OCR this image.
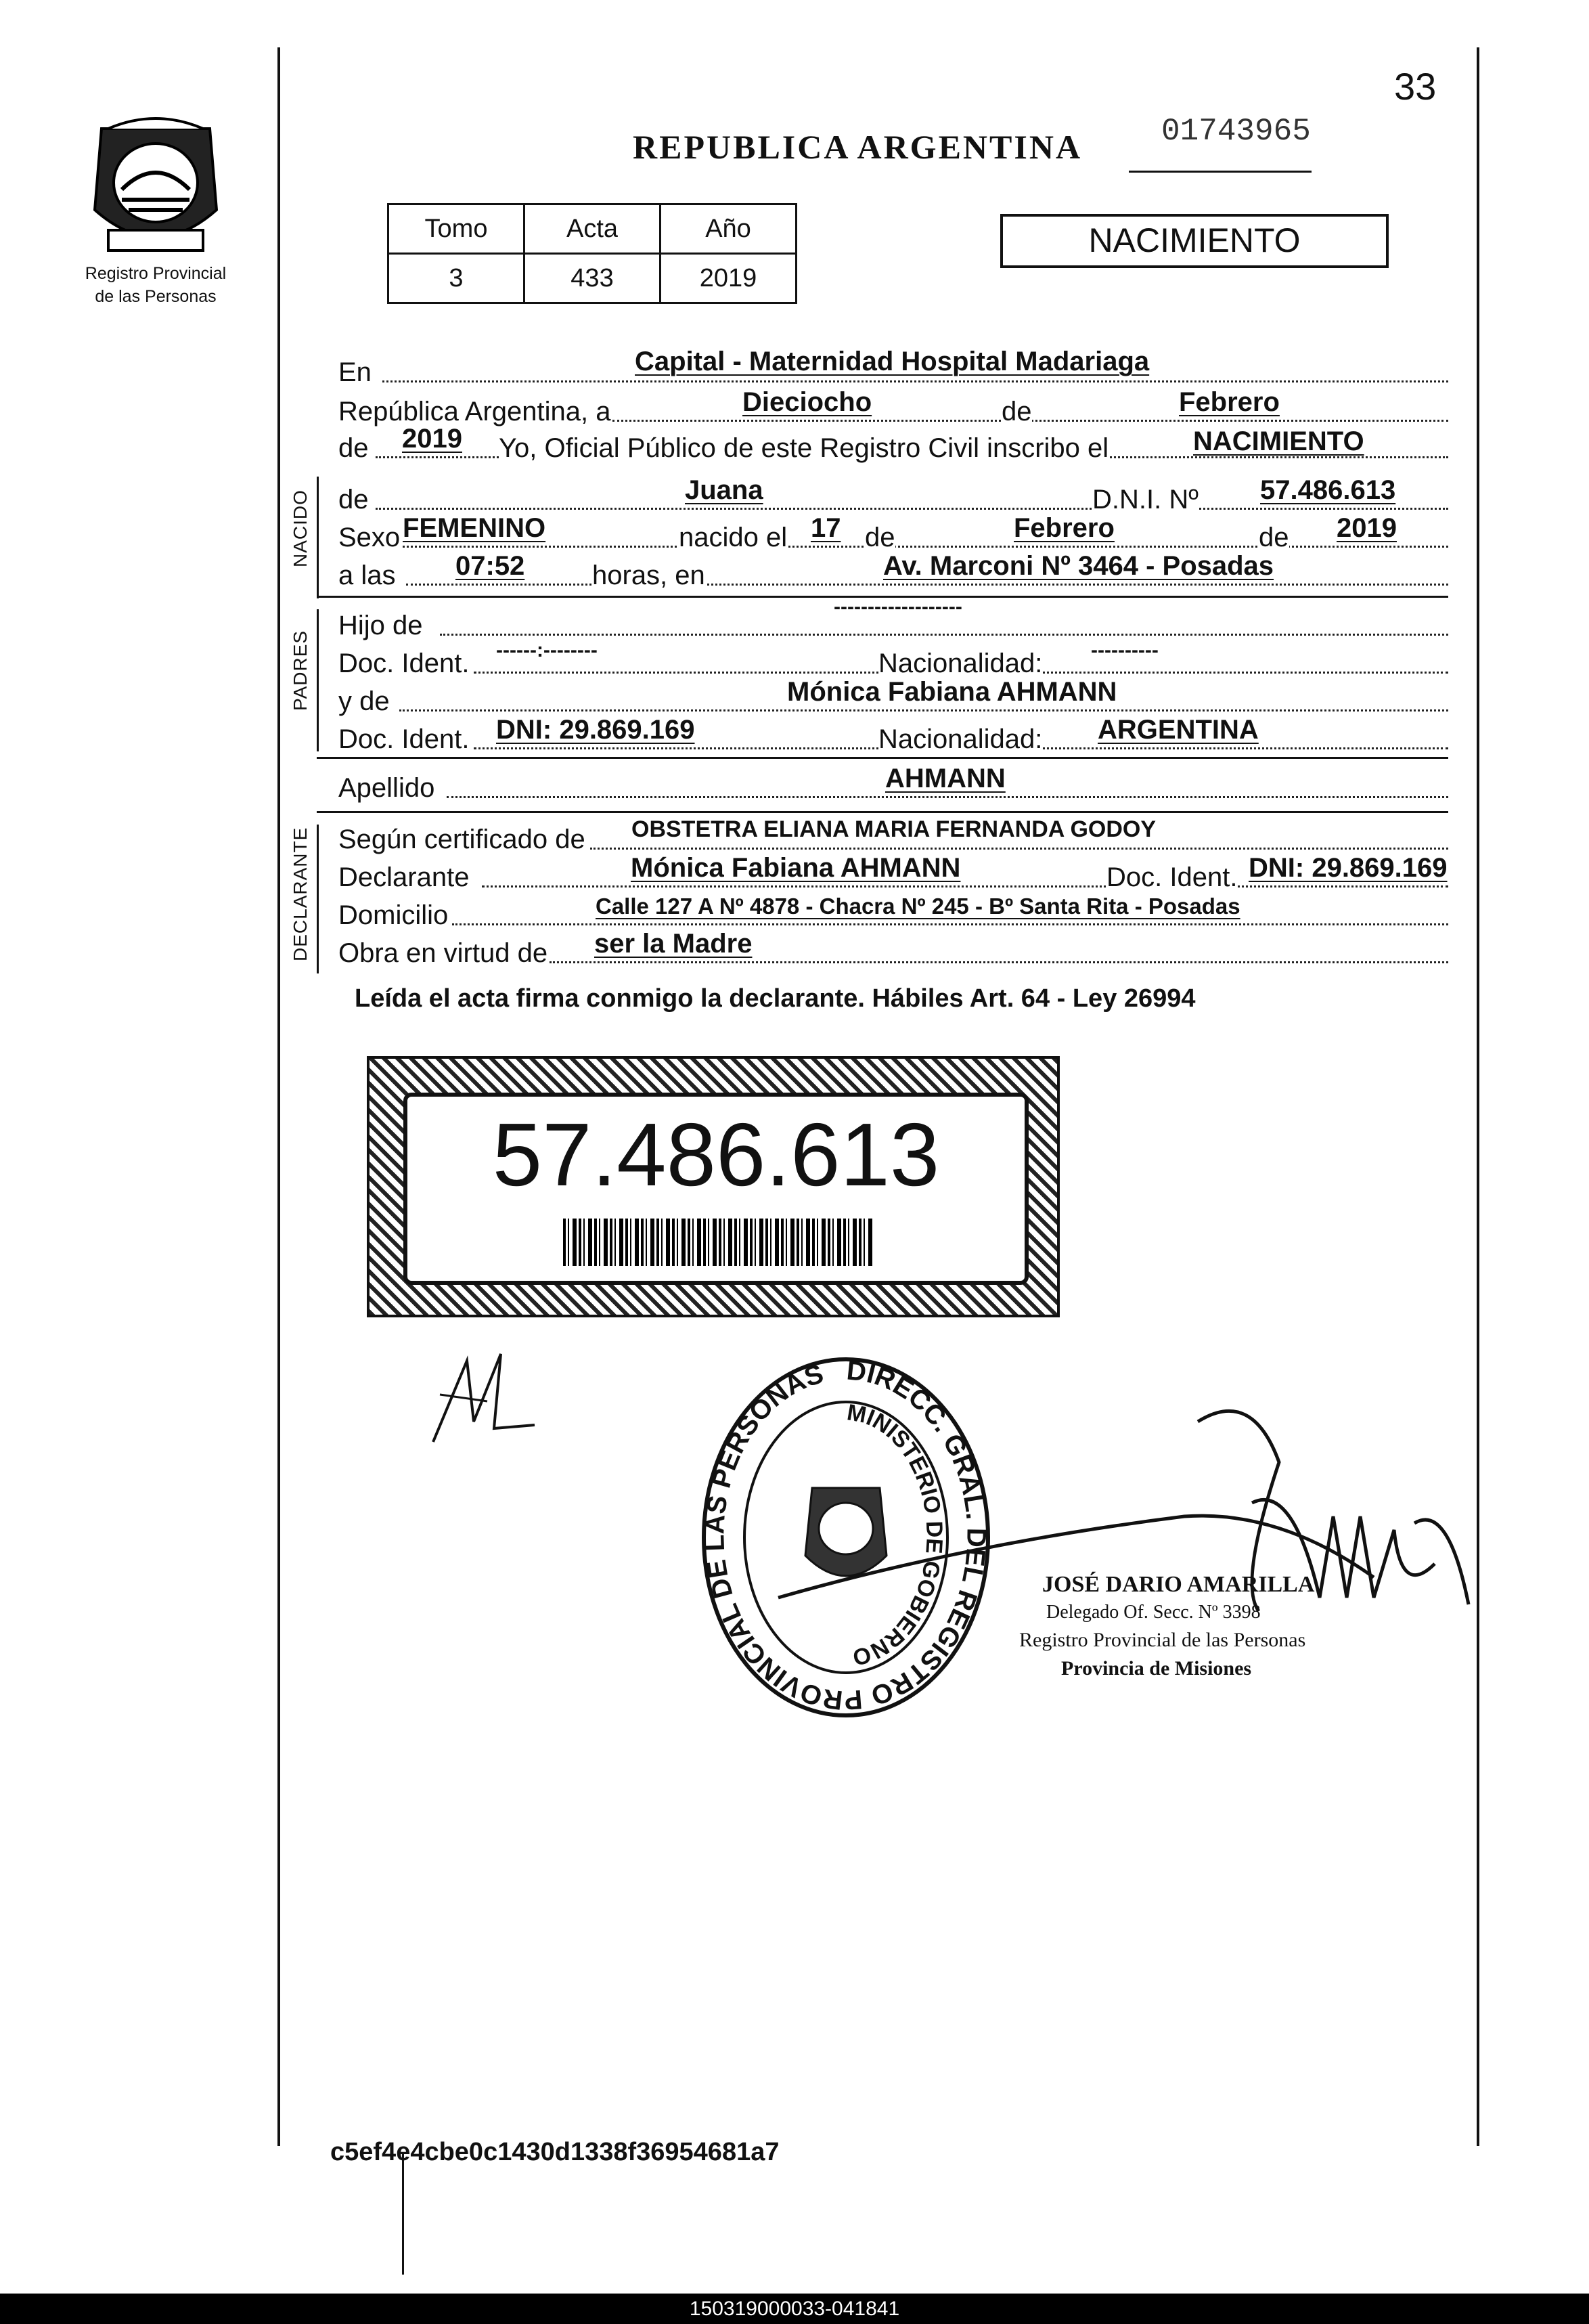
Registro Provincial
de las Personas
33
REPUBLICA ARGENTINA	01743965
Tomo	Acta	Año
3	433	2019
NACIMIENTO
En	Capital - Maternidad Hospital Madariaga
República Argentina, a	Dieciocho	de	Febrero
de 2019 Yo, Oficial Público de este Registro Civil inscribo el	NACIMIENTO
NACIDO de	Juana	D.N.I. Nº 57.486.613
Sexo FEMENINO	nacido el 17 de	Febrero	de 2019
a las 07:52 horas, en	Av. Marconi Nº 3464 - Posadas
PADRES
Hijo de
-------------------
Doc. Ident. ------:--------	Nacionalidad: ----------
y de	Mónica Fabiana AHMANN
Doc. Ident. DNI: 29.869.169	Nacionalidad: ARGENTINA
Apellido	AHMANN
DECLARANTE Según certificado de OBSTETRA ELIANA MARIA FERNANDA GODOY
Declarante	Mónica Fabiana AHMANN	Doc. Ident. DNI: 29.869.169
Domicilio	Calle 127 A Nº 4878 - Chacra Nº 245 - Bº Santa Rita - Posadas
Obra en virtud de ser la Madre
Leída el acta firma conmigo la declarante. Hábiles Art. 64 - Ley 26994
57.486.613
DIRECC. GRAL. DEL REGISTRO PROVINCIAL DE LAS PERSONAS
MINISTERIO DE GOBIERNO
JOSÉ DARIO AMARILLA
Delegado Of. Secc. Nº 3398
Registro Provincial de las Personas
Provincia de Misiones
c5ef4e4cbe0c1430d1338f36954681a7
150319000033-041841
